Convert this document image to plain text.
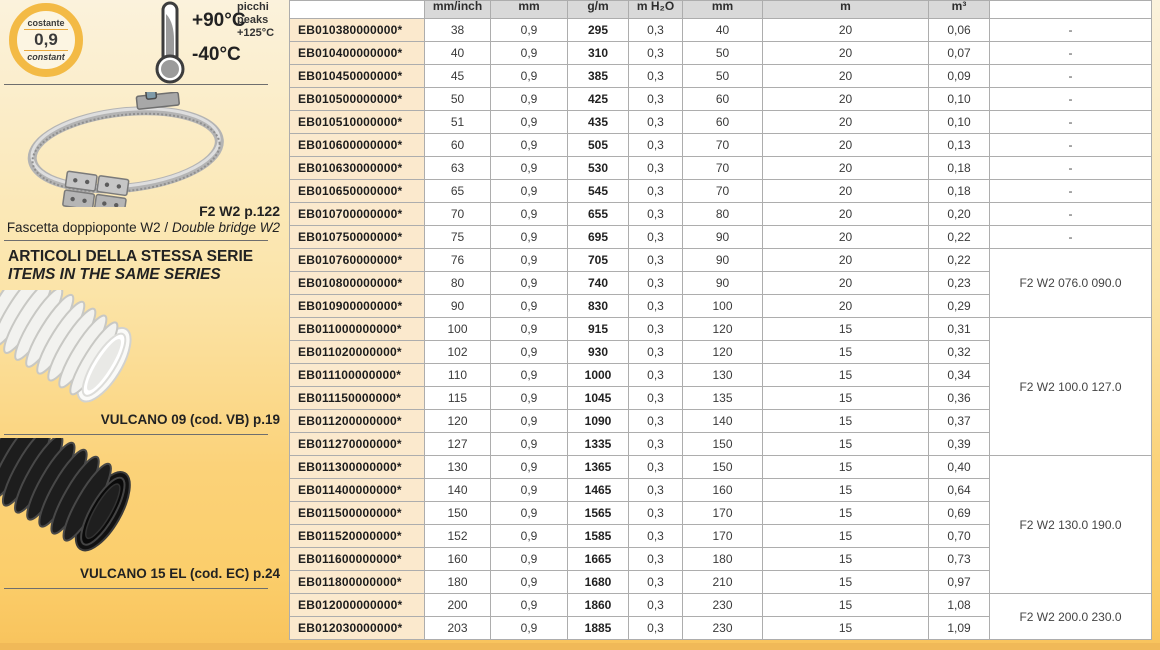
costante
0,9
constant
+90°C
picchi
peaks
+125°C
-40°C
F2 W2 p.122
Fascetta doppioponte W2 / Double bridge W2
ARTICOLI DELLA STESSA SERIE
ITEMS IN THE SAME SERIES
VULCANO 09 (cod. VB) p.19
VULCANO 15 EL (cod. EC) p.24

	mm/inch	mm	g/m	m H₂O	mm	m	m³	

EB010380000000*	38	0,9	295	0,3	40	20	0,06	-
EB010400000000*	40	0,9	310	0,3	50	20	0,07	-
EB010450000000*	45	0,9	385	0,3	50	20	0,09	-
EB010500000000*	50	0,9	425	0,3	60	20	0,10	-
EB010510000000*	51	0,9	435	0,3	60	20	0,10	-
EB010600000000*	60	0,9	505	0,3	70	20	0,13	-
EB010630000000*	63	0,9	530	0,3	70	20	0,18	-
EB010650000000*	65	0,9	545	0,3	70	20	0,18	-
EB010700000000*	70	0,9	655	0,3	80	20	0,20	-
EB010750000000*	75	0,9	695	0,3	90	20	0,22	-
EB010760000000*	76	0,9	705	0,3	90	20	0,22	F2 W2 076.0 090.0
EB010800000000*	80	0,9	740	0,3	90	20	0,23	
EB010900000000*	90	0,9	830	0,3	100	20	0,29	
EB011000000000*	100	0,9	915	0,3	120	15	0,31	F2 W2 100.0 127.0
EB011020000000*	102	0,9	930	0,3	120	15	0,32	
EB011100000000*	110	0,9	1000	0,3	130	15	0,34	
EB011150000000*	115	0,9	1045	0,3	135	15	0,36	
EB011200000000*	120	0,9	1090	0,3	140	15	0,37	
EB011270000000*	127	0,9	1335	0,3	150	15	0,39	
EB011300000000*	130	0,9	1365	0,3	150	15	0,40	F2 W2 130.0 190.0
EB011400000000*	140	0,9	1465	0,3	160	15	0,64	
EB011500000000*	150	0,9	1565	0,3	170	15	0,69	
EB011520000000*	152	0,9	1585	0,3	170	15	0,70	
EB011600000000*	160	0,9	1665	0,3	180	15	0,73	
EB011800000000*	180	0,9	1680	0,3	210	15	0,97	
EB012000000000*	200	0,9	1860	0,3	230	15	1,08	F2 W2 200.0 230.0
EB012030000000*	203	0,9	1885	0,3	230	15	1,09	
